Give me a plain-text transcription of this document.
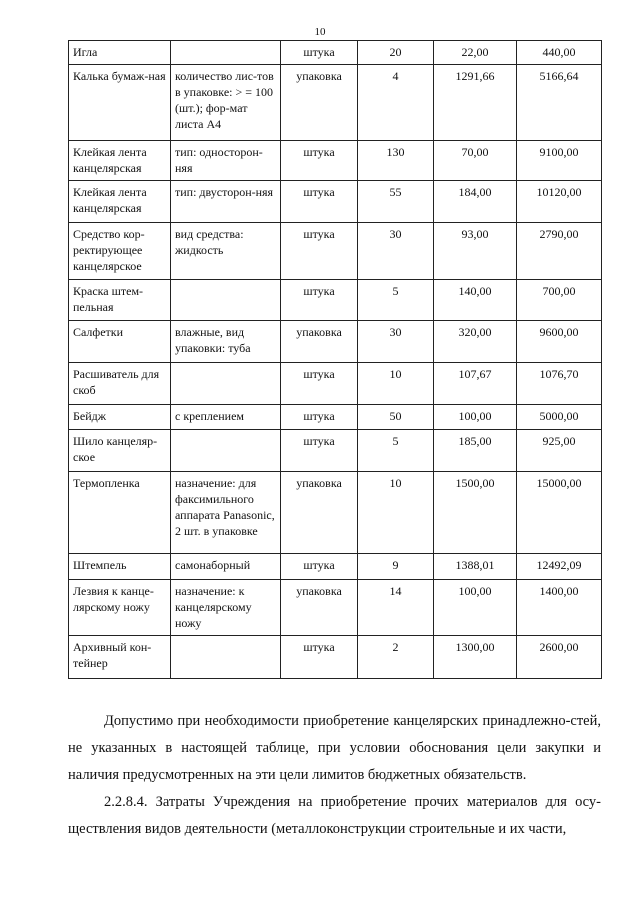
10
Игла		штука	20	22,00	440,00
Калька бумаж-ная	количество лис-тов в упаковке: > = 100 (шт.); фор-мат листа А4	упаковка	4	1291,66	5166,64
Клейкая лента канцелярская	тип: односторон-няя	штука	130	70,00	9100,00
Клейкая лента канцелярская	тип: двусторон-няя	штука	55	184,00	10120,00
Средство кор-ректирующее канцелярское	вид средства: жидкость	штука	30	93,00	2790,00
Краска штем-пельная		штука	5	140,00	700,00
Салфетки	влажные, вид упаковки: туба	упаковка	30	320,00	9600,00
Расшиватель для скоб		штука	10	107,67	1076,70
Бейдж	с креплением	штука	50	100,00	5000,00
Шило канцеляр-ское		штука	5	185,00	925,00
Термопленка	назначение: для факсимильного аппарата Panasonic, 2 шт. в упаковке	упаковка	10	1500,00	15000,00
Штемпель	самонаборный	штука	9	1388,01	12492,09
Лезвия к канце-лярскому ножу	назначение: к канцелярскому ножу	упаковка	14	100,00	1400,00
Архивный кон-тейнер		штука	2	1300,00	2600,00

Допустимо при необходимости приобретение канцелярских принадлежно-стей, не указанных в настоящей таблице, при условии обоснования цели закупки и наличия предусмотренных на эти цели лимитов бюджетных обязательств.

2.2.8.4. Затраты Учреждения на приобретение прочих материалов для осу-ществления видов деятельности (металлоконструкции строительные и их части,
